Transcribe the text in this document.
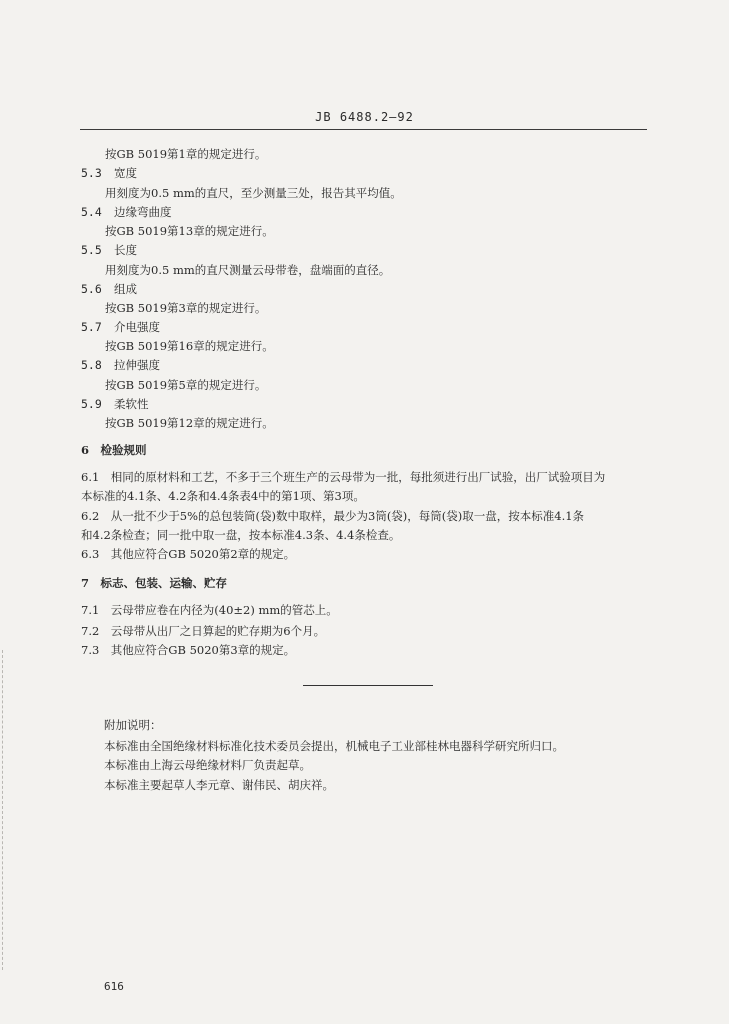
JB 6488.2—92
按GB 5019第1章的规定进行。
5.3 宽度
用刻度为0.5 mm的直尺，至少测量三处，报告其平均值。
5.4 边缘弯曲度
按GB 5019第13章的规定进行。
5.5 长度
用刻度为0.5 mm的直尺测量云母带卷，盘端面的直径。
5.6 组成
按GB 5019第3章的规定进行。
5.7 介电强度
按GB 5019第16章的规定进行。
5.8 拉伸强度
按GB 5019第5章的规定进行。
5.9 柔软性
按GB 5019第12章的规定进行。
6　检验规则
6.1　相同的原材料和工艺，不多于三个班生产的云母带为一批，每批须进行出厂试验，出厂试验项目为
本标准的4.1条、4.2条和4.4条表4中的第1项、第3项。
6.2　从一批不少于5%的总包装筒(袋)数中取样，最少为3筒(袋)，每筒(袋)取一盘，按本标准4.1条
和4.2条检查；同一批中取一盘，按本标准4.3条、4.4条检查。
6.3　其他应符合GB 5020第2章的规定。
7　标志、包装、运输、贮存
7.1　云母带应卷在内径为(40±2) mm的管芯上。
7.2　云母带从出厂之日算起的贮存期为6个月。
7.3　其他应符合GB 5020第3章的规定。
附加说明：
本标准由全国绝缘材料标准化技术委员会提出，机械电子工业部桂林电器科学研究所归口。
本标准由上海云母绝缘材料厂负责起草。
本标准主要起草人李元章、谢伟民、胡庆祥。
616
